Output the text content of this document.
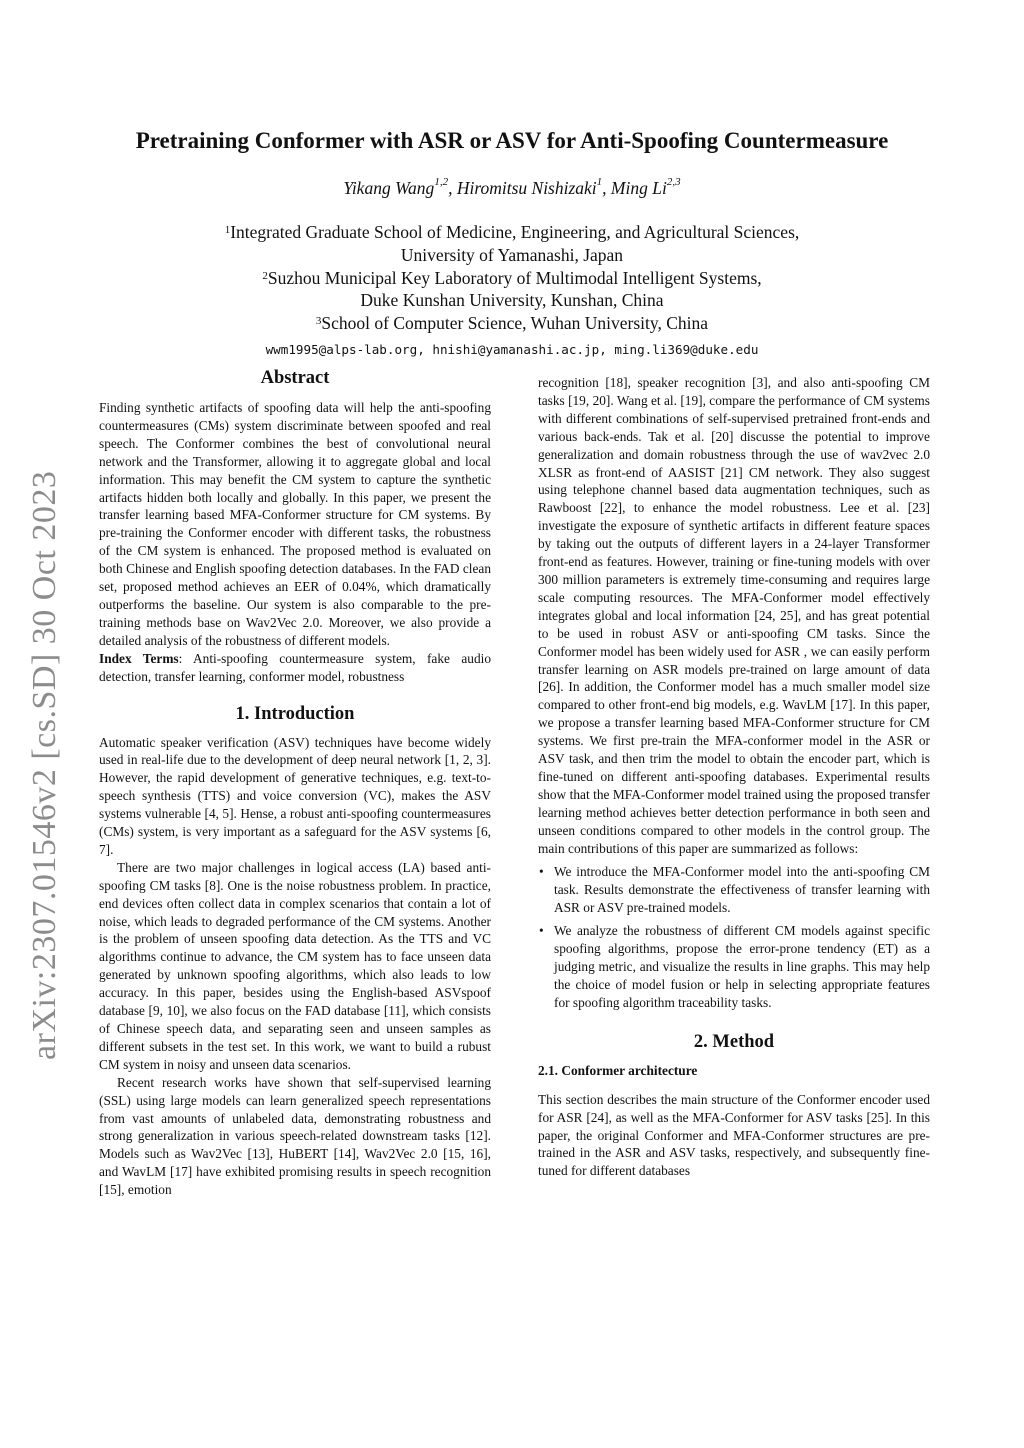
arXiv:2307.01546v2 [cs.SD] 30 Oct 2023
Pretraining Conformer with ASR or ASV for Anti-Spoofing Countermeasure
Yikang Wang$^{1,2}$, Hiromitsu Nishizaki$^1$, Ming Li$^{2,3}$
$^1$Integrated Graduate School of Medicine, Engineering, and Agricultural Sciences,
University of Yamanashi, Japan
$^2$Suzhou Municipal Key Laboratory of Multimodal Intelligent Systems,
Duke Kunshan University, Kunshan, China
$^3$School of Computer Science, Wuhan University, China
wwm1995@alps-lab.org, hnishi@yamanashi.ac.jp, ming.li369@duke.edu
Abstract

Finding synthetic artifacts of spoofing data will help the anti-spoofing countermeasures (CMs) system discriminate between spoofed and real speech. The Conformer combines the best of convolutional neural network and the Transformer, allowing it to aggregate global and local information. This may benefit the CM system to capture the synthetic artifacts hidden both locally and globally. In this paper, we present the transfer learning based MFA-Conformer structure for CM systems. By pre-training the Conformer encoder with different tasks, the robustness of the CM system is enhanced. The proposed method is evaluated on both Chinese and English spoofing detection databases. In the FAD clean set, proposed method achieves an EER of 0.04%, which dramatically outperforms the baseline. Our system is also comparable to the pre-training methods base on Wav2Vec 2.0. Moreover, we also provide a detailed analysis of the robustness of different models.

Index Terms: Anti-spoofing countermeasure system, fake audio detection, transfer learning, conformer model, robustness

1. Introduction

Automatic speaker verification (ASV) techniques have become widely used in real-life due to the development of deep neural network [1, 2, 3]. However, the rapid development of generative techniques, e.g. text-to-speech synthesis (TTS) and voice conversion (VC), makes the ASV systems vulnerable [4, 5]. Hense, a robust anti-spoofing countermeasures (CMs) system, is very important as a safeguard for the ASV systems [6, 7].

There are two major challenges in logical access (LA) based anti-spoofing CM tasks [8]. One is the noise robustness problem. In practice, end devices often collect data in complex scenarios that contain a lot of noise, which leads to degraded performance of the CM systems. Another is the problem of unseen spoofing data detection. As the TTS and VC algorithms continue to advance, the CM system has to face unseen data generated by unknown spoofing algorithms, which also leads to low accuracy. In this paper, besides using the English-based ASVspoof database [9, 10], we also focus on the FAD database [11], which consists of Chinese speech data, and separating seen and unseen samples as different subsets in the test set. In this work, we want to build a rubust CM system in noisy and unseen data scenarios.

Recent research works have shown that self-supervised learning (SSL) using large models can learn generalized speech representations from vast amounts of unlabeled data, demonstrating robustness and strong generalization in various speech-related downstream tasks [12]. Models such as Wav2Vec [13], HuBERT [14], Wav2Vec 2.0 [15, 16], and WavLM [17] have exhibited promising results in speech recognition [15], emotion

recognition [18], speaker recognition [3], and also anti-spoofing CM tasks [19, 20]. Wang et al. [19], compare the performance of CM systems with different combinations of self-supervised pretrained front-ends and various back-ends. Tak et al. [20] discusse the potential to improve generalization and domain robustness through the use of wav2vec 2.0 XLSR as front-end of AASIST [21] CM network. They also suggest using telephone channel based data augmentation techniques, such as Rawboost [22], to enhance the model robustness. Lee et al. [23] investigate the exposure of synthetic artifacts in different feature spaces by taking out the outputs of different layers in a 24-layer Transformer front-end as features. However, training or fine-tuning models with over 300 million parameters is extremely time-consuming and requires large scale computing resources. The MFA-Conformer model effectively integrates global and local information [24, 25], and has great potential to be used in robust ASV or anti-spoofing CM tasks. Since the Conformer model has been widely used for ASR , we can easily perform transfer learning on ASR models pre-trained on large amount of data [26]. In addition, the Conformer model has a much smaller model size compared to other front-end big models, e.g. WavLM [17]. In this paper, we propose a transfer learning based MFA-Conformer structure for CM systems. We first pre-train the MFA-conformer model in the ASR or ASV task, and then trim the model to obtain the encoder part, which is fine-tuned on different anti-spoofing databases. Experimental results show that the MFA-Conformer model trained using the proposed transfer learning method achieves better detection performance in both seen and unseen conditions compared to other models in the control group. The main contributions of this paper are summarized as follows:

• We introduce the MFA-Conformer model into the anti-spoofing CM task. Results demonstrate the effectiveness of transfer learning with ASR or ASV pre-trained models.
• We analyze the robustness of different CM models against specific spoofing algorithms, propose the error-prone tendency (ET) as a judging metric, and visualize the results in line graphs. This may help the choice of model fusion or help in selecting appropriate features for spoofing algorithm traceability tasks.
2. Method
2.1. Conformer architecture

This section describes the main structure of the Conformer encoder used for ASR [24], as well as the MFA-Conformer for ASV tasks [25]. In this paper, the original Conformer and MFA-Conformer structures are pre-trained in the ASR and ASV tasks, respectively, and subsequently fine-tuned for different databases
